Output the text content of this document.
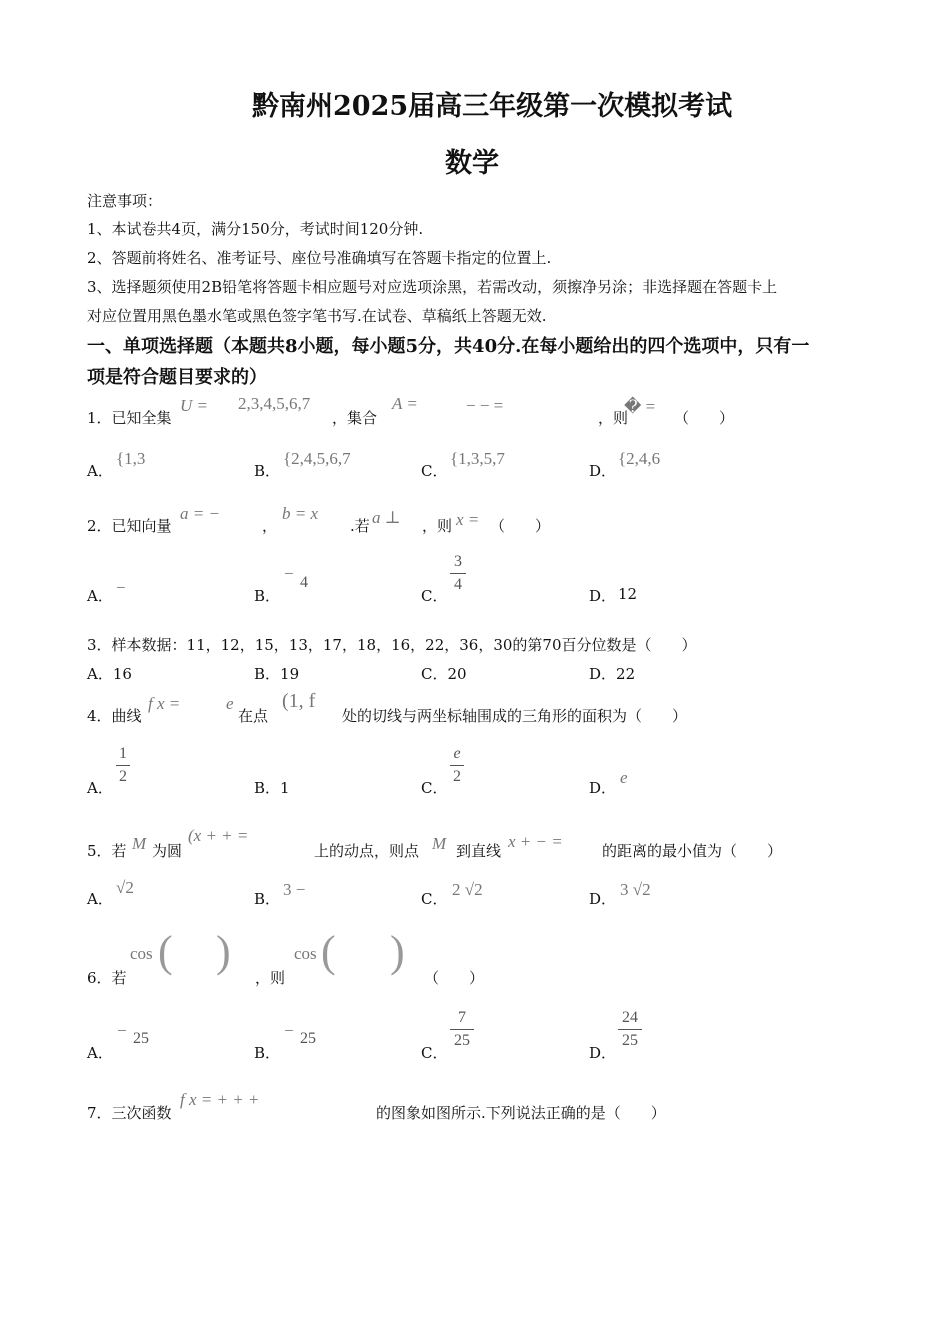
黔南州2025届高三年级第一次模拟考试
数学
注意事项：
1、本试卷共4页，满分150分，考试时间120分钟.
2、答题前将姓名、准考证号、座位号准确填写在答题卡指定的位置上.
3、选择题须使用2B铅笔将答题卡相应题号对应选项涂黑，若需改动，须擦净另涂；非选择题在答题卡上
对应位置用黑色墨水笔或黑色签字笔书写.在试卷、草稿纸上答题无效.
一、单项选择题（本题共8小题，每小题5分，共40分.在每小题给出的四个选项中，只有一
项是符合题目要求的）
1．已知全集
U = 2,3,4,5,6,7
，集合
A =	− − =
，则
� =
（　　）
A．
{1,3
B．
{2,4,5,6,7
C．
{1,3,5,7
D．
{2,4,6
2．已知向量
a = −
，
b = x
.若 a ⊥ ，则 x = （　　）
A． −	B．
− 4
C．
3
4
D． 12
3．样本数据：11，12，15，13，17，18，16，22，36，30的第70百分位数是（　　）
A．16	B．19	C．20	D．22
4．曲线
f x =	e
在点
(1, f
处的切线与两坐标轴围成的三角形的面积为（　　）
A．
1
2
B．1	C．
e
2
D．
e
5．若 M 为圆
(x + + =
上的动点，则点 M 到直线 x + − =	的距离的最小值为（　　）
A．
√2
B． 3 −	C． 2 √2	D． 3 √2
6．若
cos ( )
，则
cos ( )
（　　）
A．
− 25
B．
− 25
C．
7
25
D．
24
25
7．三次函数
f x = + + +
的图象如图所示.下列说法正确的是（　　）
